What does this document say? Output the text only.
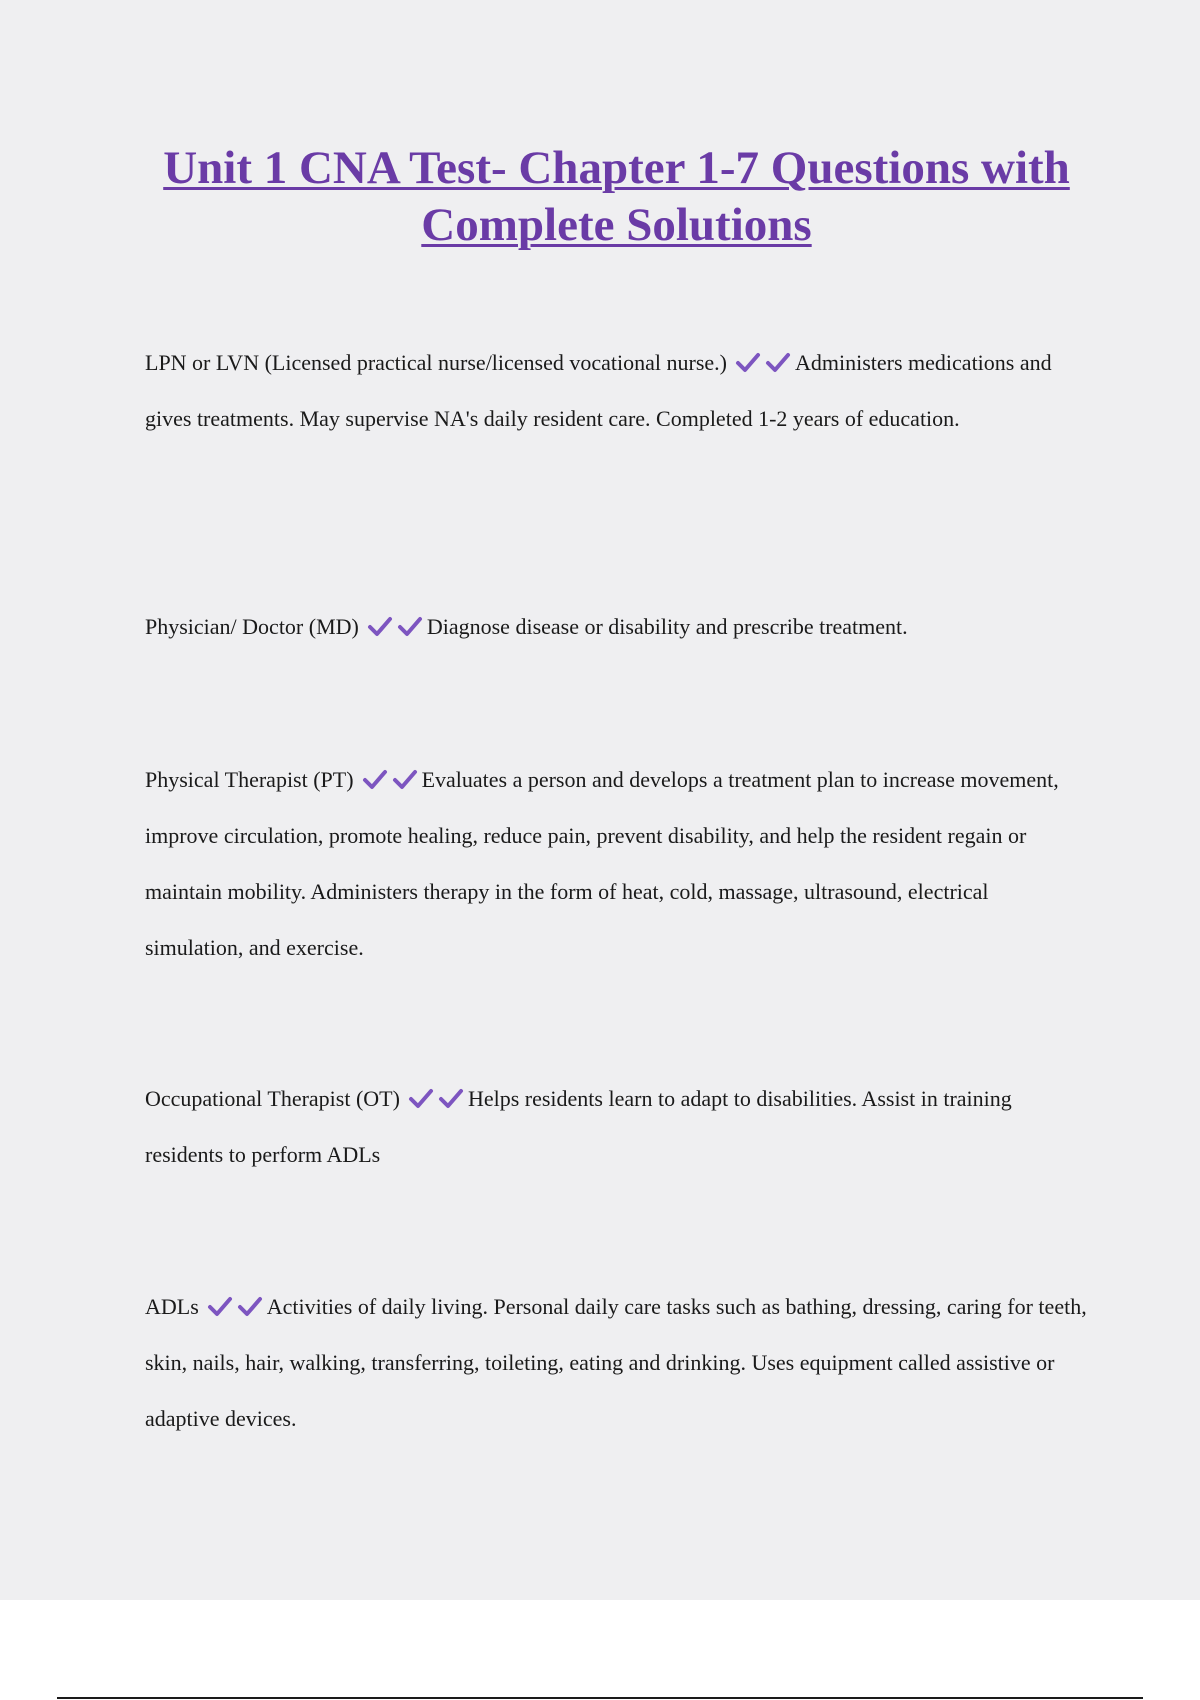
Unit 1 CNA Test- Chapter 1-7 Questions with Complete Solutions

LPN or LVN (Licensed practical nurse/licensed vocational nurse.)	Administers medications and gives treatments. May supervise NA's daily resident care. Completed 1-2 years of education.

Physician/ Doctor (MD)	Diagnose disease or disability and prescribe treatment.

Physical Therapist (PT)	Evaluates a person and develops a treatment plan to increase movement, improve circulation, promote healing, reduce pain, prevent disability, and help the resident regain or maintain mobility. Administers therapy in the form of heat, cold, massage, ultrasound, electrical simulation, and exercise.

Occupational Therapist (OT)	Helps residents learn to adapt to disabilities. Assist in training residents to perform ADLs

ADLs	Activities of daily living. Personal daily care tasks such as bathing, dressing, caring for teeth, skin, nails, hair, walking, transferring, toileting, eating and drinking. Uses equipment called assistive or adaptive devices.
